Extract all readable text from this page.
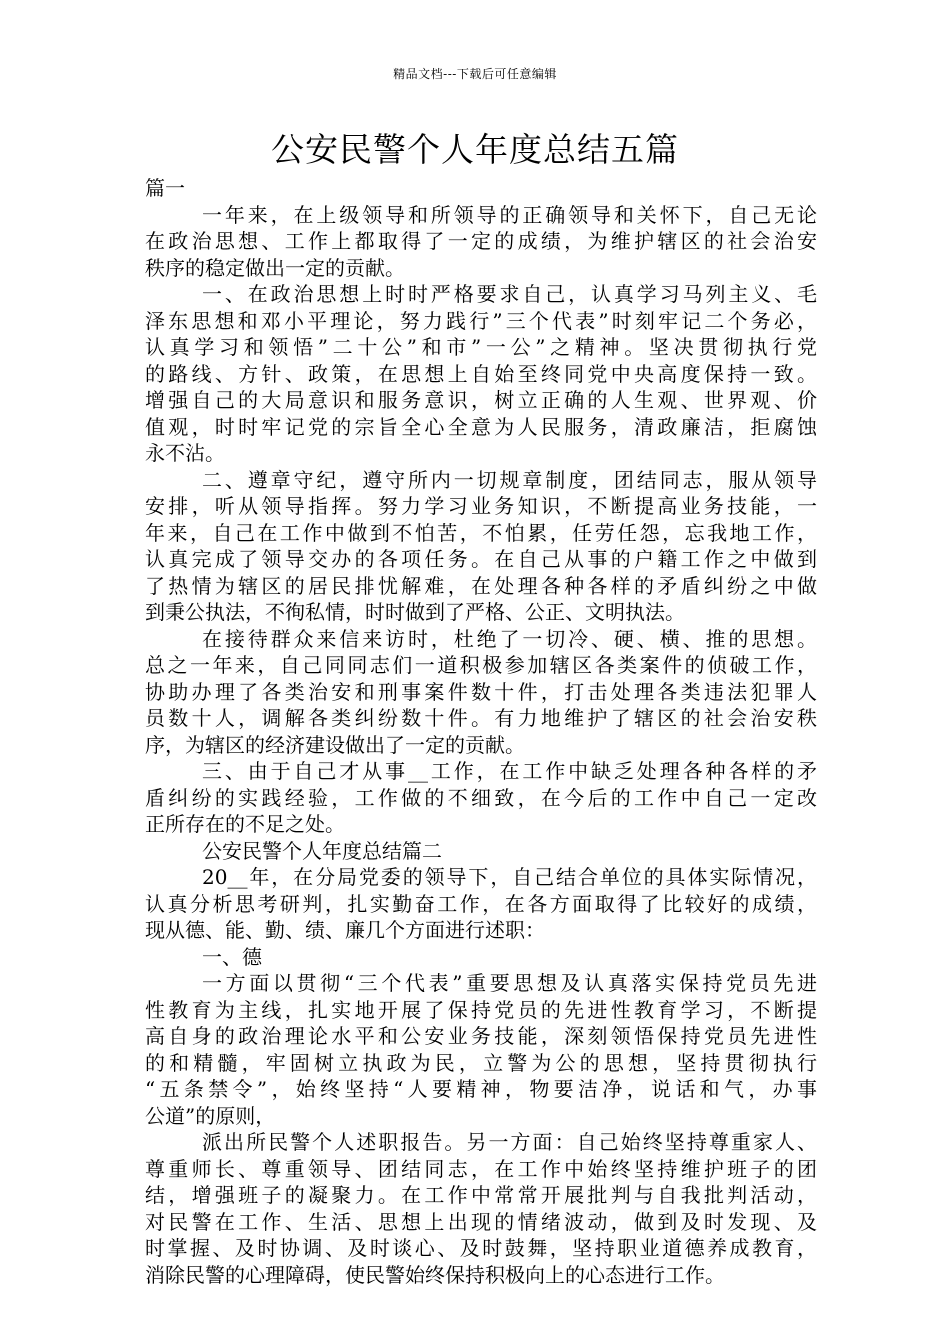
精品文档---下载后可任意编辑
公安民警个人年度总结五篇
篇一
一年来，在上级领导和所领导的正确领导和关怀下，自己无论
在政治思想、工作上都取得了一定的成绩，为维护辖区的社会治安
秩序的稳定做出一定的贡献。
一、在政治思想上时时严格要求自己，认真学习马列主义、毛
泽东思想和邓小平理论，努力践行”三个代表”时刻牢记二个务必，
认真学习和领悟”二十公”和市”一公”之精神。坚决贯彻执行党
的路线、方针、政策，在思想上自始至终同党中央高度保持一致。
增强自己的大局意识和服务意识，树立正确的人生观、世界观、价
值观，时时牢记党的宗旨全心全意为人民服务，清政廉洁，拒腐蚀
永不沾。
二、遵章守纪，遵守所内一切规章制度，团结同志，服从领导
安排，听从领导指挥。努力学习业务知识，不断提高业务技能，一
年来，自己在工作中做到不怕苦，不怕累，任劳任怨，忘我地工作，
认真完成了领导交办的各项任务。在自己从事的户籍工作之中做到
了热情为辖区的居民排忧解难，在处理各种各样的矛盾纠纷之中做
到秉公执法，不徇私情，时时做到了严格、公正、文明执法。
在接待群众来信来访时，杜绝了一切冷、硬、横、推的思想。
总之一年来，自己同同志们一道积极参加辖区各类案件的侦破工作，
协助办理了各类治安和刑事案件数十件，打击处理各类违法犯罪人
员数十人，调解各类纠纷数十件。有力地维护了辖区的社会治安秩
序，为辖区的经济建设做出了一定的贡献。
三、由于自己才从事__工作，在工作中缺乏处理各种各样的矛
盾纠纷的实践经验，工作做的不细致，在今后的工作中自己一定改
正所存在的不足之处。
公安民警个人年度总结篇二
20__年，在分局党委的领导下，自己结合单位的具体实际情况，
认真分析思考研判，扎实勤奋工作，在各方面取得了比较好的成绩，
现从德、能、勤、绩、廉几个方面进行述职：
一、德
一方面以贯彻“三个代表”重要思想及认真落实保持党员先进
性教育为主线，扎实地开展了保持党员的先进性教育学习，不断提
高自身的政治理论水平和公安业务技能，深刻领悟保持党员先进性
的和精髓，牢固树立执政为民，立警为公的思想，坚持贯彻执行
“五条禁令”，始终坚持“人要精神，物要洁净，说话和气，办事
公道”的原则，
派出所民警个人述职报告。另一方面：自己始终坚持尊重家人、
尊重师长、尊重领导、团结同志，在工作中始终坚持维护班子的团
结，增强班子的凝聚力。在工作中常常开展批判与自我批判活动，
对民警在工作、生活、思想上出现的情绪波动，做到及时发现、及
时掌握、及时协调、及时谈心、及时鼓舞，坚持职业道德养成教育，
消除民警的心理障碍，使民警始终保持积极向上的心态进行工作。
